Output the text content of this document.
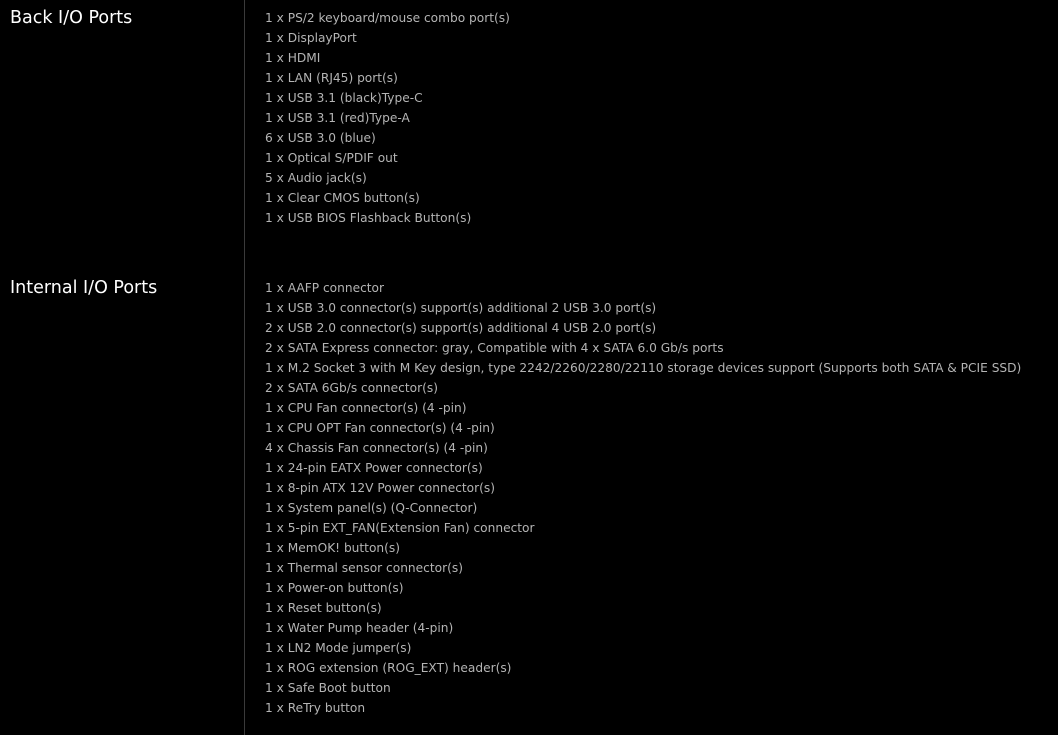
Back I/O Ports	1 x PS/2 keyboard/mouse combo port(s)
1 x DisplayPort
1 x HDMI
1 x LAN (RJ45) port(s)
1 x USB 3.1 (black)Type-C
1 x USB 3.1 (red)Type-A
6 x USB 3.0 (blue)
1 x Optical S/PDIF out
5 x Audio jack(s)
1 x Clear CMOS button(s)
1 x USB BIOS Flashback Button(s)
Internal I/O Ports	1 x AAFP connector
1 x USB 3.0 connector(s) support(s) additional 2 USB 3.0 port(s)
2 x USB 2.0 connector(s) support(s) additional 4 USB 2.0 port(s)
2 x SATA Express connector: gray, Compatible with 4 x SATA 6.0 Gb/s ports
1 x M.2 Socket 3 with M Key design, type 2242/2260/2280/22110 storage devices support (Supports both SATA & PCIE SSD)
2 x SATA 6Gb/s connector(s)
1 x CPU Fan connector(s) (4 -pin)
1 x CPU OPT Fan connector(s) (4 -pin)
4 x Chassis Fan connector(s) (4 -pin)
1 x 24-pin EATX Power connector(s)
1 x 8-pin ATX 12V Power connector(s)
1 x System panel(s) (Q-Connector)
1 x 5-pin EXT_FAN(Extension Fan) connector
1 x MemOK! button(s)
1 x Thermal sensor connector(s)
1 x Power-on button(s)
1 x Reset button(s)
1 x Water Pump header (4-pin)
1 x LN2 Mode jumper(s)
1 x ROG extension (ROG_EXT) header(s)
1 x Safe Boot button
1 x ReTry button
